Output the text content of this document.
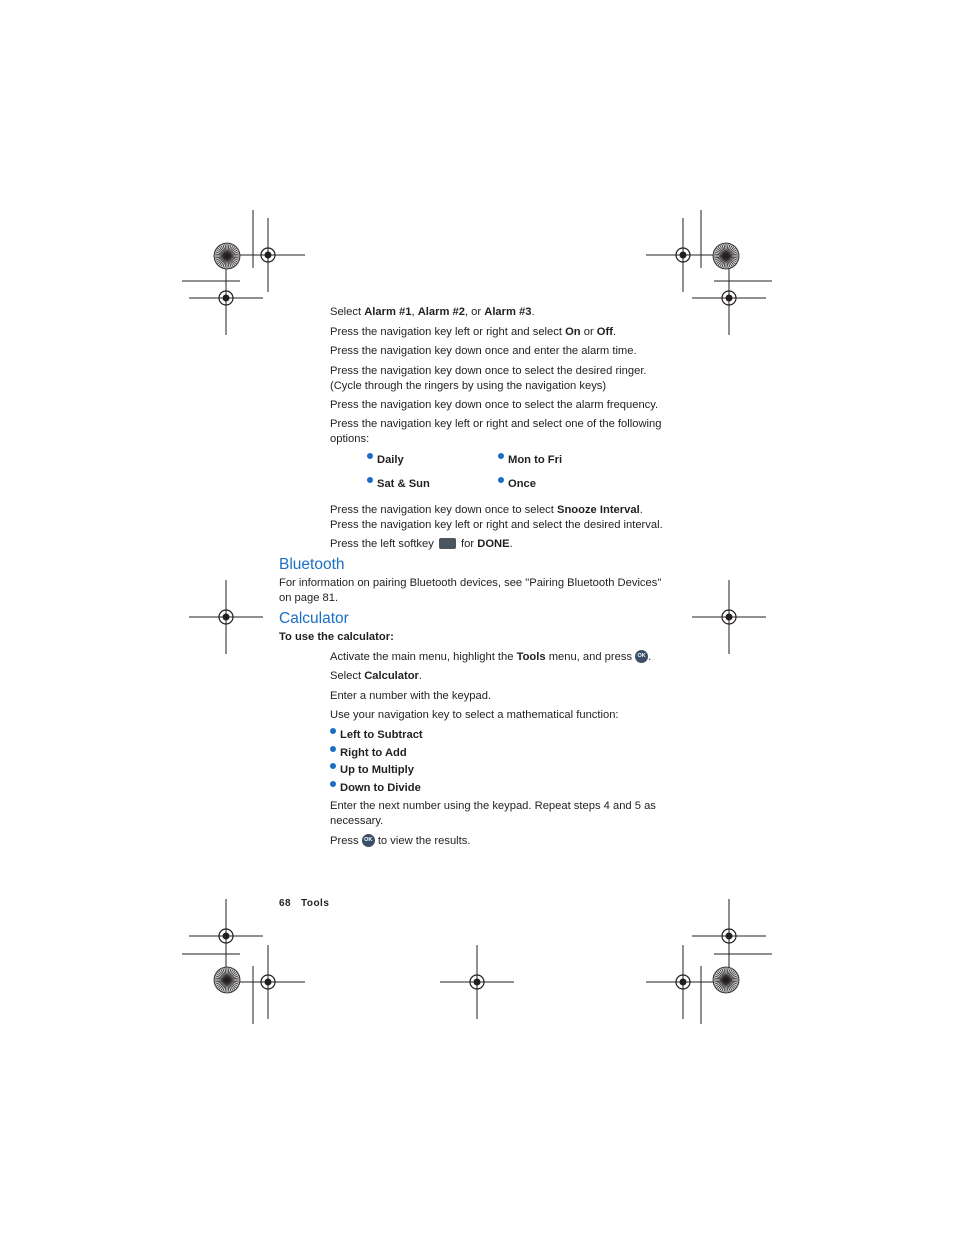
Select Alarm #1, Alarm #2, or Alarm #3.
Press the navigation key left or right and select On or Off.
Press the navigation key down once and enter the alarm time.
Press the navigation key down once to select the desired ringer. (Cycle through the ringers by using the navigation keys)
Press the navigation key down once to select the alarm frequency.
Press the navigation key left or right and select one of the following options:
Daily	Mon to Fri
Sat & Sun	Once
Press the navigation key down once to select Snooze Interval. Press the navigation key left or right and select the desired interval.
Press the left softkey  for DONE.
Bluetooth
For information on pairing Bluetooth devices, see "Pairing Bluetooth Devices" on page 81.
Calculator
To use the calculator:
Activate the main menu, highlight the Tools menu, and press OK .
Select Calculator.
Enter a number with the keypad.
Use your navigation key to select a mathematical function:
Left to Subtract
Right to Add
Up to Multiply
Down to Divide
Enter the next number using the keypad. Repeat steps 4 and 5 as necessary.
Press OK to view the results.
68 Tools
